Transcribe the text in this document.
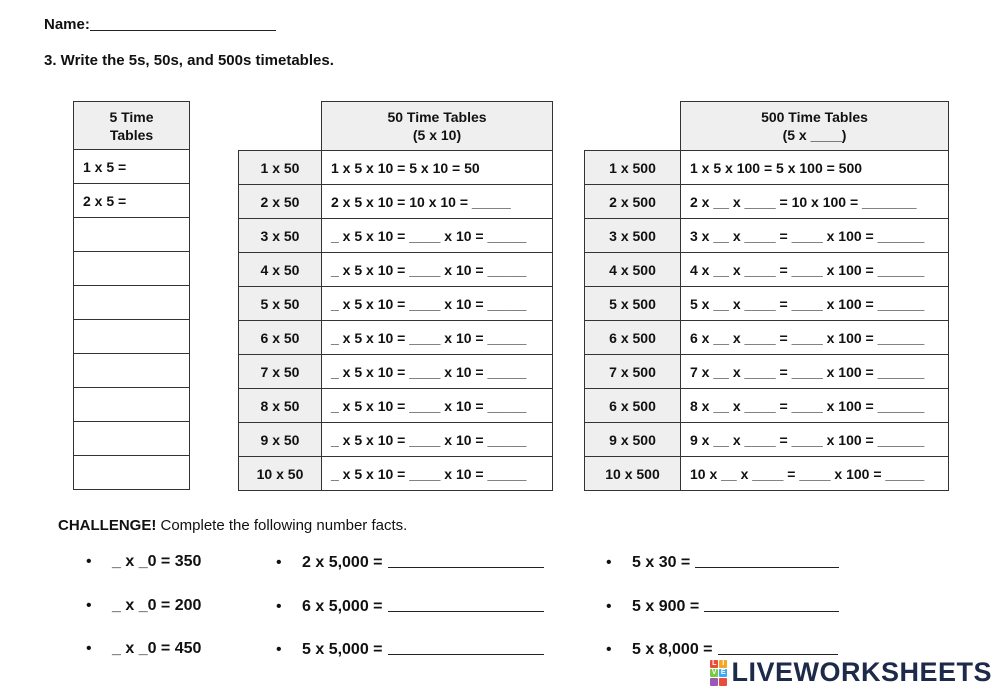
Name:
3. Write the 5s, 50s, and 500s timetables.
5 Time
Tables
1 x 5 =
2 x 5 =

	50 Time Tables
(5 x 10)
1 x 50	1 x 5 x 10 = 5 x 10 = 50
2 x 50	2 x 5 x 10 = 10 x 10 = _____
3 x 50	_ x 5 x 10 = ____ x 10 = _____
4 x 50	_ x 5 x 10 = ____ x 10 = _____
5 x 50	_ x 5 x 10 = ____ x 10 = _____
6 x 50	_ x 5 x 10 = ____ x 10 = _____
7 x 50	_ x 5 x 10 = ____ x 10 = _____
8 x 50	_ x 5 x 10 = ____ x 10 = _____
9 x 50	_ x 5 x 10 = ____ x 10 = _____
10 x 50	_ x 5 x 10 = ____ x 10 = _____
	500 Time Tables
(5 x ____)
1 x 500	1 x 5 x 100 = 5 x 100 = 500
2 x 500	2 x __ x ____ = 10 x 100 = _______
3 x 500	3 x __ x ____ = ____ x 100 = ______
4 x 500	4 x __ x ____ = ____ x 100 = ______
5 x 500	5 x __ x ____ = ____ x 100 = ______
6 x 500	6 x __ x ____ = ____ x 100 = ______
7 x 500	7 x __ x ____ = ____ x 100 = ______
6 x 500	8 x __ x ____ = ____ x 100 = ______
9 x 500	9 x __ x ____ = ____ x 100 = ______
10 x 500	10 x __ x ____ = ____ x 100 = _____
CHALLENGE! Complete the following number facts.
• _ x _0 = 350
• _ x _0 = 200
• _ x _0 = 450
• 2 x 5,000 =
• 6 x 5,000 =
• 5 x 5,000 =
• 5 x 30 =
• 5 x 900 =
• 5 x 8,000 =
L I
V E LIVEWORKSHEETS
